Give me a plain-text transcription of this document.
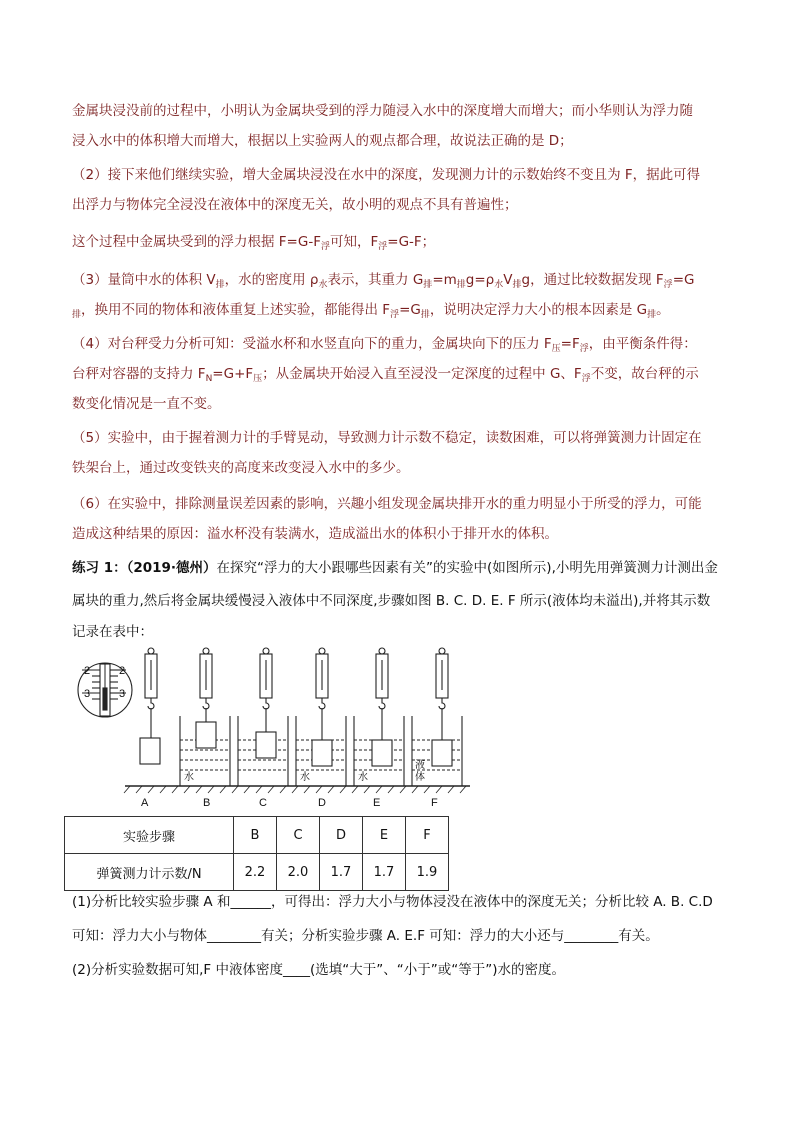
金属块浸没前的过程中，小明认为金属块受到的浮力随浸入水中的深度增大而增大；而小华则认为浮力随
浸入水中的体积增大而增大，根据以上实验两人的观点都合理，故说法正确的是 D；
（2）接下来他们继续实验，增大金属块浸没在水中的深度，发现测力计的示数始终不变且为 F，据此可得
出浮力与物体完全浸没在液体中的深度无关，故小明的观点不具有普遍性；
这个过程中金属块受到的浮力根据 $F=G-F_浮$可知，$F_浮=G-F$；
（3）量筒中水的体积 $V_排$，水的密度用 $\rho_水$表示，其重力 $G_排=m_排g=\rho_水V_排g$，通过比较数据发现 $F_浮=G$
$_排$，换用不同的物体和液体重复上述实验，都能得出 $F_浮=G_排$，说明决定浮力大小的根本因素是 $G_排$。
（4）对台秤受力分析可知：受溢水杯和水竖直向下的重力，金属块向下的压力 $F_压=F_浮$，由平衡条件得：
台秤对容器的支持力 $F_N=G+F_压$；从金属块开始浸入直至浸没一定深度的过程中 G、$F_浮$不变，故台秤的示
数变化情况是一直不变。
（5）实验中，由于握着测力计的手臂晃动，导致测力计示数不稳定，读数困难，可以将弹簧测力计固定在
铁架台上，通过改变铁夹的高度来改变浸入水中的多少。
（6）在实验中，排除测量误差因素的影响，兴趣小组发现金属块排开水的重力明显小于所受的浮力，可能
造成这种结果的原因：溢水杯没有装满水，造成溢出水的体积小于排开水的体积。
练习 1：（2019·德州）在探究“浮力的大小跟哪些因素有关”的实验中(如图所示),小明先用弹簧测力计测出金
属块的重力,然后将金属块缓慢浸入液体中不同深度,步骤如图 B. C. D. E. F 所示(液体均未溢出),并将其示数
记录在表中：
2	2
3	3
水	水	水
液
体
A	B	C	D	E	F
实验步骤	B	C	D	E	F
弹簧测力计示数/N	2.2	2.0	1.7	1.7	1.9
(1)分析比较实验步骤 A 和______，可得出：浮力大小与物体浸没在液体中的深度无关；分析比较 A. B. C.D
可知：浮力大小与物体________有关；分析实验步骤 A. E.F 可知：浮力的大小还与________有关。
(2)分析实验数据可知,F 中液体密度____(选填“大于”、“小于”或“等于”)水的密度。
